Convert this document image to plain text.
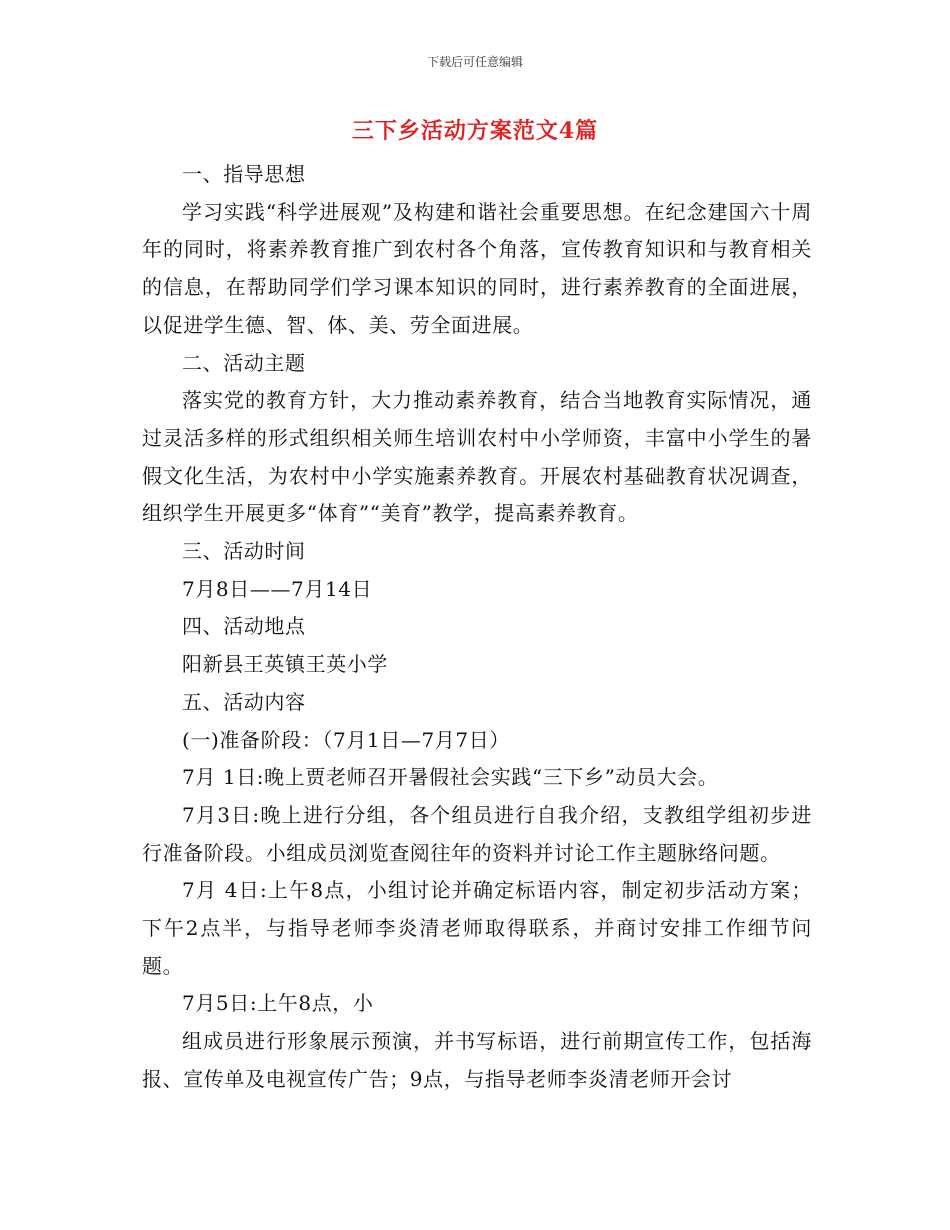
下载后可任意编辑
三下乡活动方案范文4篇

一、指导思想

学习实践“科学进展观”及构建和谐社会重要思想。在纪念建国六十周年的同时，将素养教育推广到农村各个角落，宣传教育知识和与教育相关的信息，在帮助同学们学习课本知识的同时，进行素养教育的全面进展，以促进学生德、智、体、美、劳全面进展。

二、活动主题

落实党的教育方针，大力推动素养教育，结合当地教育实际情况，通过灵活多样的形式组织相关师生培训农村中小学师资，丰富中小学生的暑假文化生活，为农村中小学实施素养教育。开展农村基础教育状况调查，组织学生开展更多“体育”“美育”教学，提高素养教育。

三、活动时间

7月8日——7月14日

四、活动地点

阳新县王英镇王英小学

五、活动内容

(一)准备阶段：（7月1日—7月7日）

7月 1日:晚上贾老师召开暑假社会实践“三下乡”动员大会。

7月3日:晚上进行分组，各个组员进行自我介绍，支教组学组初步进行准备阶段。小组成员浏览查阅往年的资料并讨论工作主题脉络问题。

7月 4日:上午8点，小组讨论并确定标语内容，制定初步活动方案；下午2点半，与指导老师李炎清老师取得联系，并商讨安排工作细节问题。

7月5日:上午8点，小

组成员进行形象展示预演，并书写标语，进行前期宣传工作，包括海报、宣传单及电视宣传广告；9点，与指导老师李炎清老师开会讨
